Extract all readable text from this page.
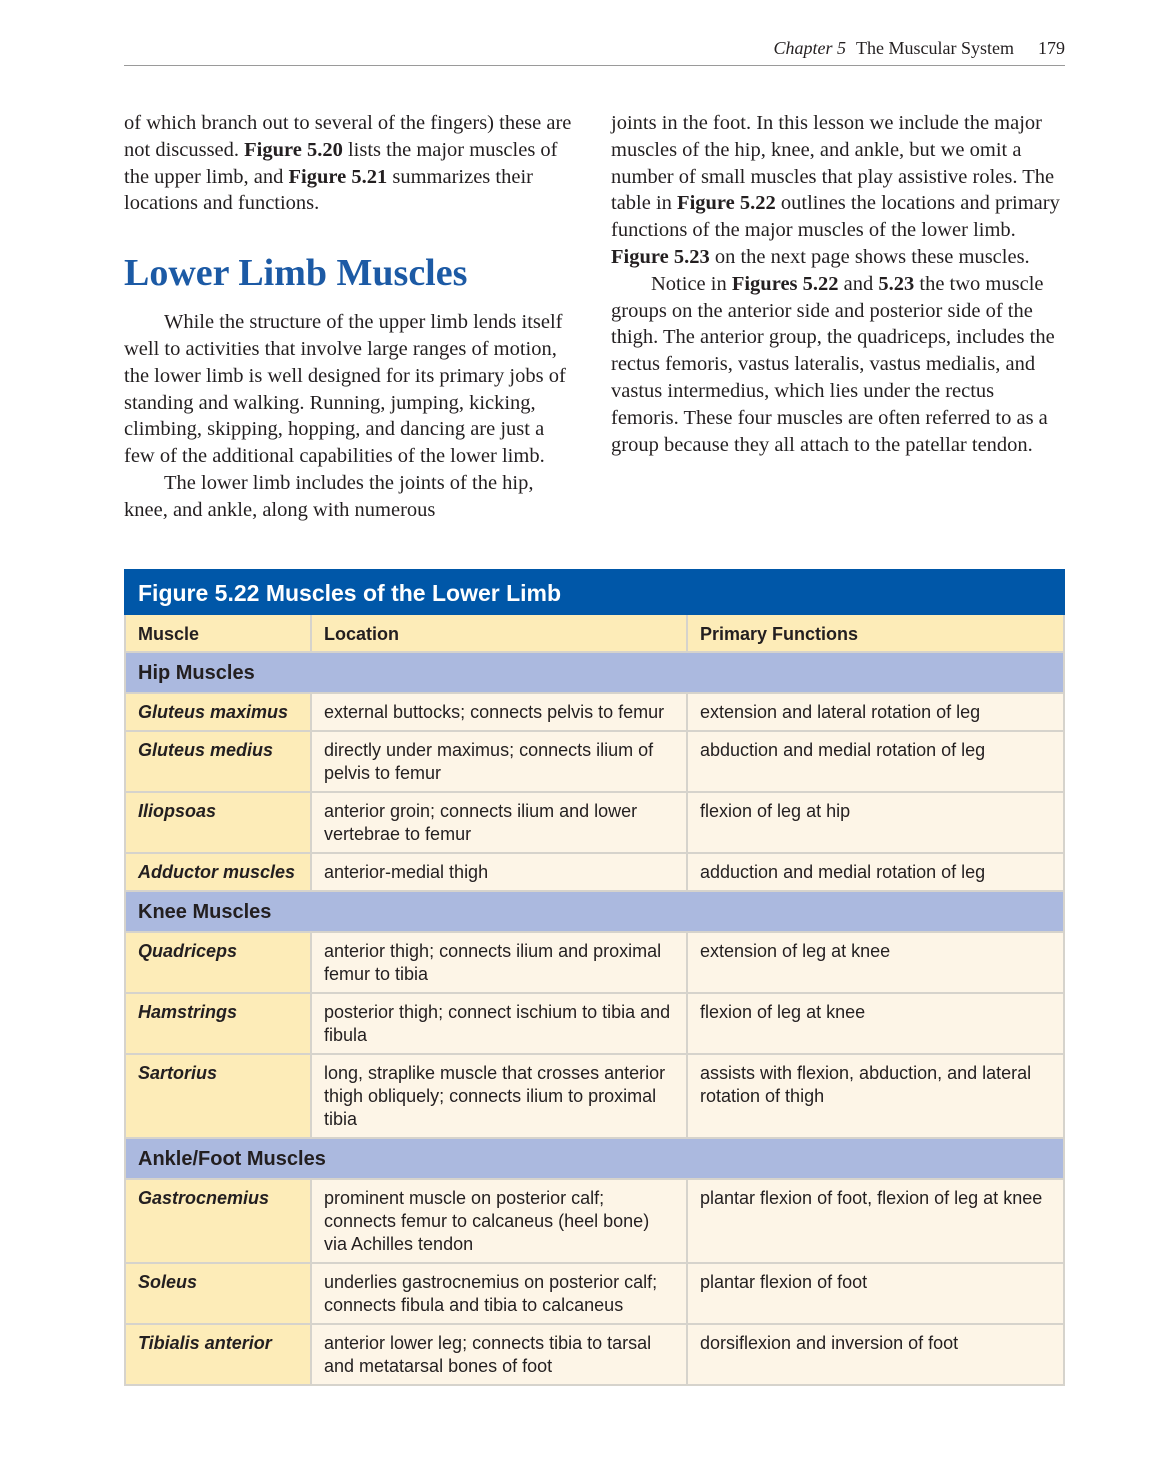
Chapter 5 The Muscular System 179

of which branch out to several of the fingers) these are not discussed. Figure 5.20 lists the major muscles of the upper limb, and Figure 5.21 summarizes their locations and functions.

Lower Limb Muscles

While the structure of the upper limb lends itself well to activities that involve large ranges of motion, the lower limb is well designed for its primary jobs of standing and walking. Running, jumping, kicking, climbing, skipping, hopping, and dancing are just a few of the additional capabilities of the lower limb.

The lower limb includes the joints of the hip, knee, and ankle, along with numerous

joints in the foot. In this lesson we include the major muscles of the hip, knee, and ankle, but we omit a number of small muscles that play assistive roles. The table in Figure 5.22 outlines the locations and primary functions of the major muscles of the lower limb. Figure 5.23 on the next page shows these muscles.

Notice in Figures 5.22 and 5.23 the two muscle groups on the anterior side and posterior side of the thigh. The anterior group, the quadriceps, includes the rectus femoris, vastus lateralis, vastus medialis, and vastus intermedius, which lies under the rectus femoris. These four muscles are often referred to as a group because they all attach to the patellar tendon.

Figure 5.22 Muscles of the Lower Limb		
Muscle	Location	Primary Functions
Hip Muscles		
Gluteus maximus	external buttocks; connects pelvis to femur	extension and lateral rotation of leg
Gluteus medius	directly under maximus; connects ilium of pelvis to femur	abduction and medial rotation of leg
Iliopsoas	anterior groin; connects ilium and lower vertebrae to femur	flexion of leg at hip
Adductor muscles	anterior-medial thigh	adduction and medial rotation of leg
Knee Muscles		
Quadriceps	anterior thigh; connects ilium and proximal femur to tibia	extension of leg at knee
Hamstrings	posterior thigh; connect ischium to tibia and fibula	flexion of leg at knee
Sartorius	long, straplike muscle that crosses anterior thigh obliquely; connects ilium to proximal tibia	assists with flexion, abduction, and lateral rotation of thigh
Ankle/Foot Muscles		
Gastrocnemius	prominent muscle on posterior calf; connects femur to calcaneus (heel bone) via Achilles tendon	plantar flexion of foot, flexion of leg at knee
Soleus	underlies gastrocnemius on posterior calf; connects fibula and tibia to calcaneus	plantar flexion of foot
Tibialis anterior	anterior lower leg; connects tibia to tarsal and metatarsal bones of foot	dorsiflexion and inversion of foot
